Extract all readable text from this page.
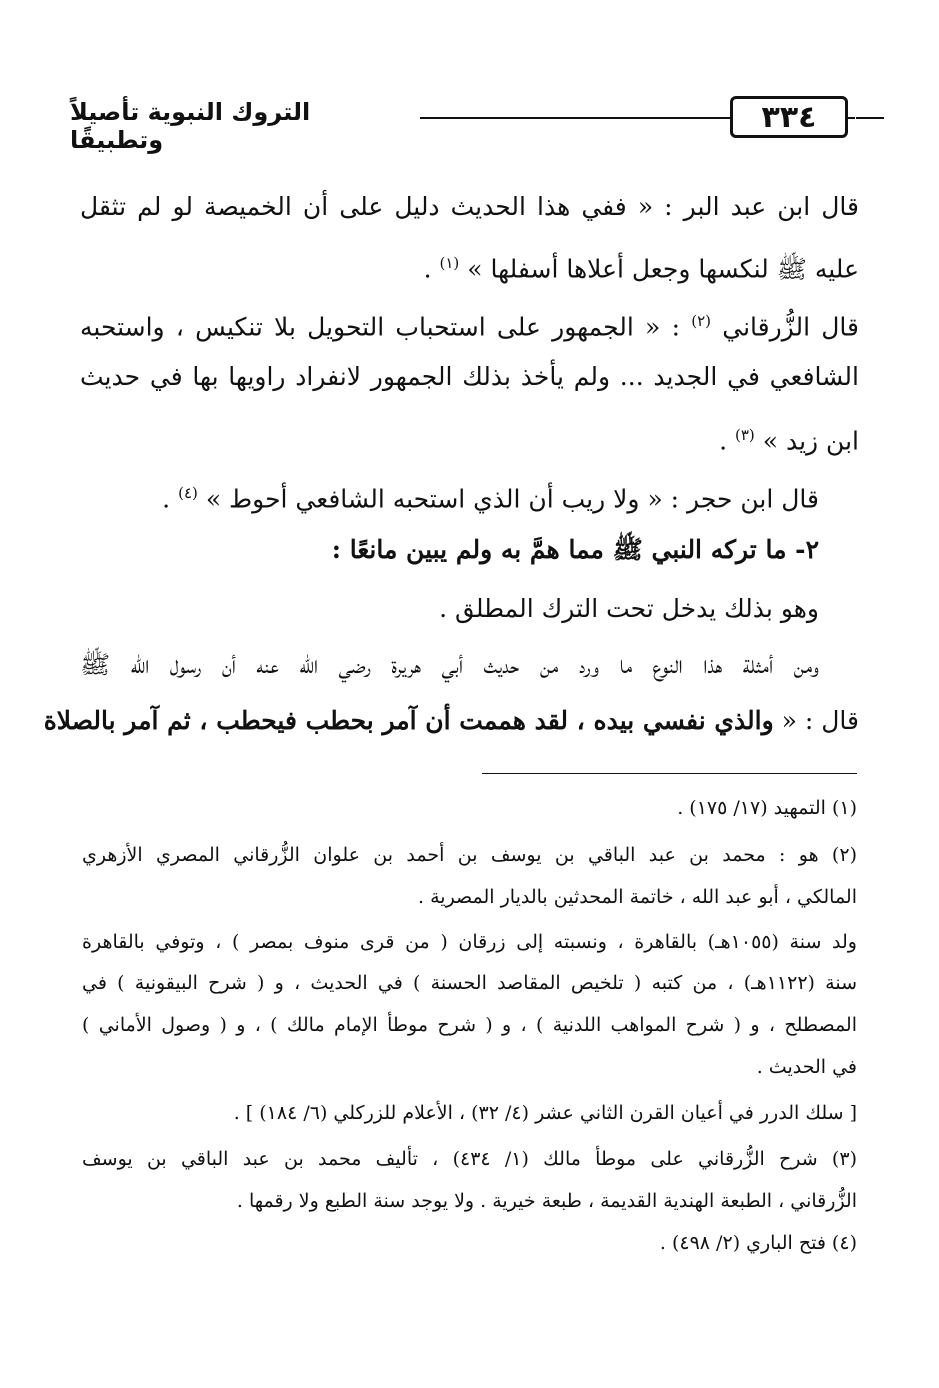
٣٣٤
التروك النبوية تأصيلاً وتطبيقًا
قال ابن عبد البر : « ففي هذا الحديث دليل على أن الخميصة لو لم تثقل
عليه ﷺ لنكسها وجعل أعلاها أسفلها » $^{(١)}$ .
قال الزُّرقاني $^{(٢)}$ : « الجمهور على استحباب التحويل بلا تنكيس ، واستحبه
الشافعي في الجديد ... ولم يأخذ بذلك الجمهور لانفراد راويها بها في حديث
ابن زيد » $^{(٣)}$ .
قال ابن حجر : « ولا ريب أن الذي استحبه الشافعي أحوط » $^{(٤)}$ .
٢- ما تركه النبي ﷺ مما همَّ به ولم يبين مانعًا :
وهو بذلك يدخل تحت الترك المطلق .
ومن أمثلة هذا النوع ما ورد من حديث أبي هريرة رضي الله عنه أن رسول الله ﷺ
قال : « والذي نفسي بيده ، لقد هممت أن آمر بحطب فيحطب ، ثم آمر بالصلاة
(١) التمهيد (١٧/ ١٧٥) .
(٢) هو : محمد بن عبد الباقي بن يوسف بن أحمد بن علوان الزُّرقاني المصري الأزهري
المالكي ، أبو عبد الله ، خاتمة المحدثين بالديار المصرية .
ولد سنة (١٠٥٥هـ) بالقاهرة ، ونسبته إلى زرقان ( من قرى منوف بمصر ) ، وتوفي بالقاهرة
سنة (١١٢٢هـ) ، من كتبه ( تلخيص المقاصد الحسنة ) في الحديث ، و ( شرح البيقونية ) في
المصطلح ، و ( شرح المواهب اللدنية ) ، و ( شرح موطأ الإمام مالك ) ، و ( وصول الأماني )
في الحديث .
[ سلك الدرر في أعيان القرن الثاني عشر (٤/ ٣٢) ، الأعلام للزركلي (٦/ ١٨٤) ] .
(٣) شرح الزُّرقاني على موطأ مالك (١/ ٤٣٤) ، تأليف محمد بن عبد الباقي بن يوسف
الزُّرقاني ، الطبعة الهندية القديمة ، طبعة خيرية . ولا يوجد سنة الطبع ولا رقمها .
(٤) فتح الباري (٢/ ٤٩٨) .
